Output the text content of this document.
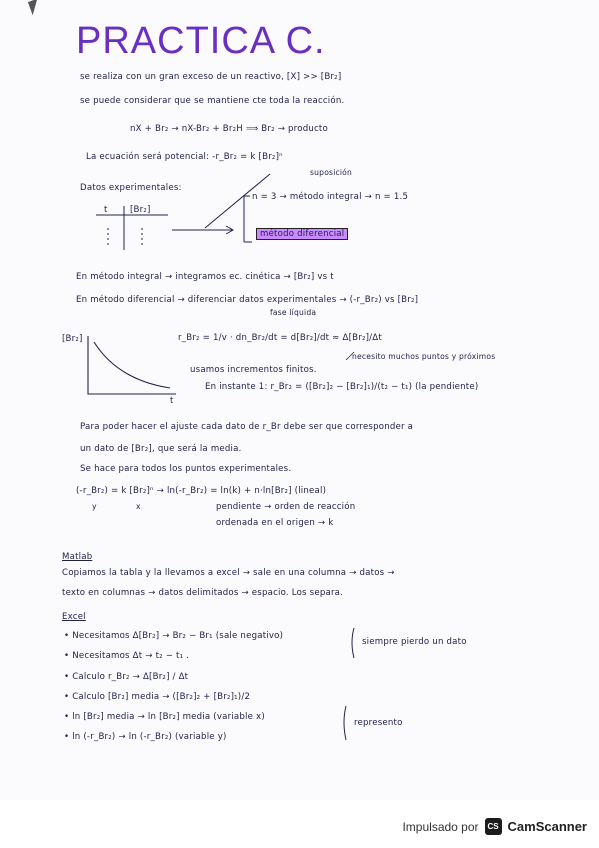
PRACTICA C.
se realiza con un gran exceso de un reactivo, [X] >> [Br₂]
se puede considerar que se mantiene cte toda la reacción.
nX + Br₂ → nX-Br₂ + Br₂H ⟹ Br₂ → producto
La ecuación será potencial: -r_Br₂ = k [Br₂]ⁿ
suposición
Datos experimentales:
t	[Br₂]
n = 3 → método integral → n = 1.5
método diferencial
En método integral → integramos ec. cinética → [Br₂] vs t
En método diferencial → diferenciar datos experimentales → (-r_Br₂) vs [Br₂]
fase líquida
[Br₂]
t
r_Br₂ = 1/v · dn_Br₂/dt = d[Br₂]/dt ≈ Δ[Br₂]/Δt
usamos incrementos finitos.
necesito muchos puntos y próximos
En instante 1: r_Br₂ = ([Br₂]₂ − [Br₂]₁)/(t₂ − t₁) (la pendiente)
Para poder hacer el ajuste cada dato de r_Br debe ser que corresponder a
un dato de [Br₂], que será la media.
Se hace para todos los puntos experimentales.
(-r_Br₂) = k [Br₂]ⁿ → ln(-r_Br₂) = ln(k) + n·ln[Br₂] (lineal)
y	x	pendiente → orden de reacción
ordenada en el origen → k
Matlab
Copiamos la tabla y la llevamos a excel → sale en una columna → datos →
texto en columnas → datos delimitados → espacio. Los separa.
Excel
• Necesitamos Δ[Br₂] → Br₂ − Br₁ (sale negativo)
• Necesitamos Δt → t₂ − t₁ .
• Calculo r_Br₂ → Δ[Br₂] / Δt
• Calculo [Br₂] media → ([Br₂]₂ + [Br₂]₁)/2
• ln [Br₂] media → ln [Br₂] media (variable x)
• ln (-r_Br₂) → ln (-r_Br₂) (variable y)
siempre pierdo un dato
represento
Impulsado por	CS CamScanner
